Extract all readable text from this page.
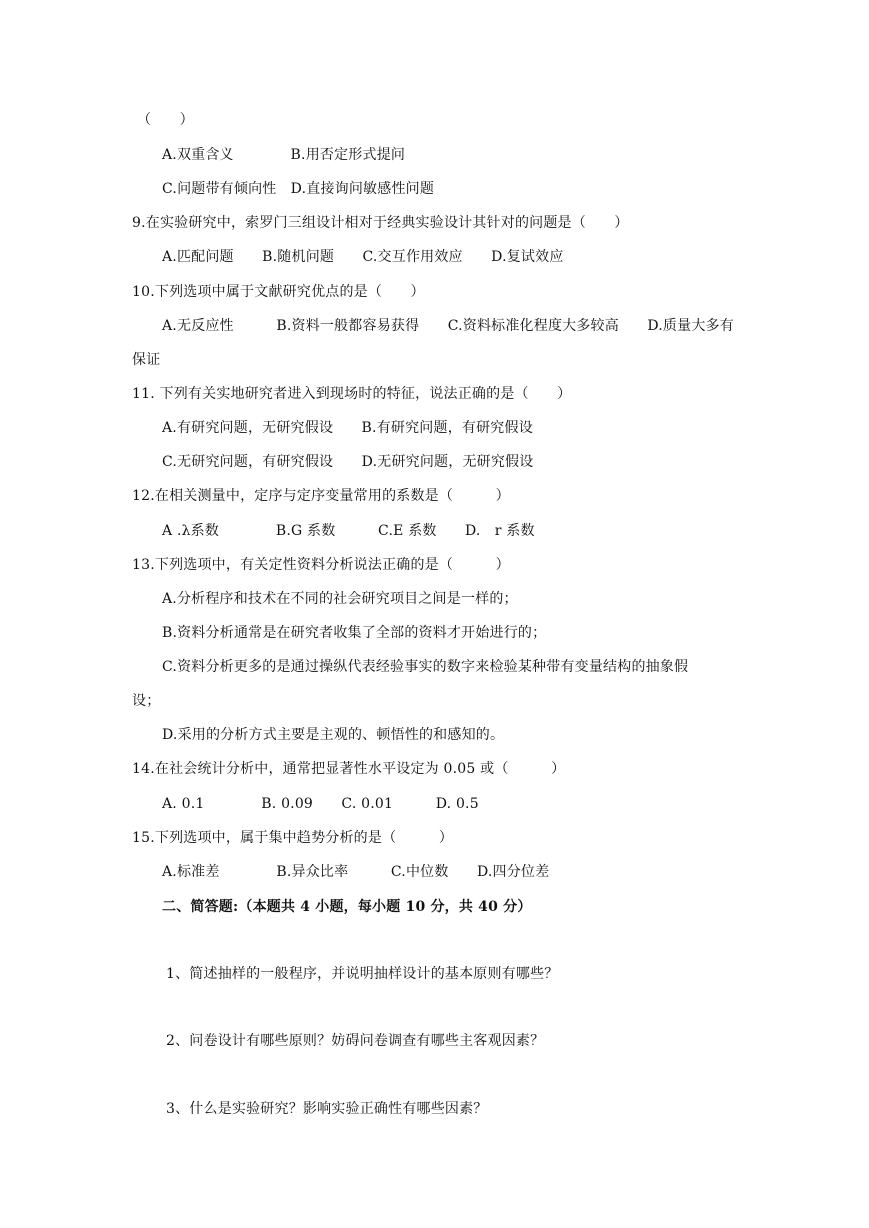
（　　）
A.双重含义　　　　B.用否定形式提问
C.问题带有倾向性　D.直接询问敏感性问题
9.在实验研究中，索罗门三组设计相对于经典实验设计其针对的问题是（　　）
A.匹配问题　　B.随机问题　　C.交互作用效应　　D.复试效应
10.下列选项中属于文献研究优点的是（　　）
A.无反应性　　　B.资料一般都容易获得　　C.资料标准化程度大多较高　　D.质量大多有
保证
11. 下列有关实地研究者进入到现场时的特征，说法正确的是（　　）
A.有研究问题，无研究假设　　B.有研究问题，有研究假设
C.无研究问题，有研究假设　　D.无研究问题，无研究假设
12.在相关测量中，定序与定序变量常用的系数是（　　　）
A .λ系数　　　　B.G 系数　　　C.E 系数　　D.　r 系数
13.下列选项中，有关定性资料分析说法正确的是（　　　）
A.分析程序和技术在不同的社会研究项目之间是一样的；
B.资料分析通常是在研究者收集了全部的资料才开始进行的；
C.资料分析更多的是通过操纵代表经验事实的数字来检验某种带有变量结构的抽象假
设；
D.采用的分析方式主要是主观的、顿悟性的和感知的。
14.在社会统计分析中，通常把显著性水平设定为 0.05 或（　　　）
A. 0.1　　　　B. 0.09　　C. 0.01　　　D. 0.5
15.下列选项中，属于集中趋势分析的是（　　　）
A.标准差　　　　B.异众比率　　　C.中位数　　D.四分位差
二、简答题:（本题共 4 小题，每小题 10 分，共 40 分）
1、简述抽样的一般程序，并说明抽样设计的基本原则有哪些？
2、问卷设计有哪些原则？妨碍问卷调查有哪些主客观因素？
3、什么是实验研究？影响实验正确性有哪些因素？
